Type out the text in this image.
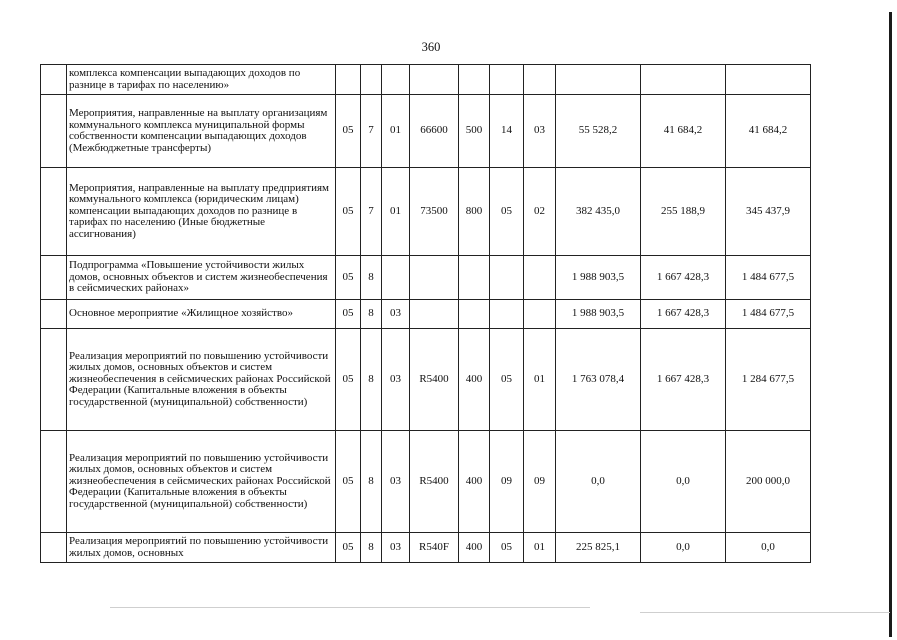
360
	комплекса компенсации выпадающих доходов по разнице в тарифах по населению»										
	Мероприятия, направленные на выплату организациям коммунального комплекса муниципальной формы собственности компенсации выпадающих доходов (Межбюджетные трансферты)	05	7	01	66600	500	14	03	55 528,2	41 684,2	41 684,2
	Мероприятия, направленные на выплату предприятиям коммунального комплекса (юридическим лицам) компенсации выпадающих доходов по разнице в тарифах по населению (Иные бюджетные ассигнования)	05	7	01	73500	800	05	02	382 435,0	255 188,9	345 437,9
	Подпрограмма «Повышение устойчивости жилых домов, основных объектов и систем жизнеобеспечения в сейсмических районах»	05	8						1 988 903,5	1 667 428,3	1 484 677,5
	Основное мероприятие «Жилищное хозяйство»	05	8	03					1 988 903,5	1 667 428,3	1 484 677,5
	Реализация мероприятий по повышению устойчивости жилых домов, основных объектов и систем жизнеобеспечения в сейсмических районах Российской Федерации (Капитальные вложения в объекты государственной (муниципальной) собственности)	05	8	03	R5400	400	05	01	1 763 078,4	1 667 428,3	1 284 677,5
	Реализация мероприятий по повышению устойчивости жилых домов, основных объектов и систем жизнеобеспечения в сейсмических районах Российской Федерации (Капитальные вложения в объекты государственной (муниципальной) собственности)	05	8	03	R5400	400	09	09	0,0	0,0	200 000,0
	Реализация мероприятий по повышению устойчивости жилых домов, основных	05	8	03	R540F	400	05	01	225 825,1	0,0	0,0
